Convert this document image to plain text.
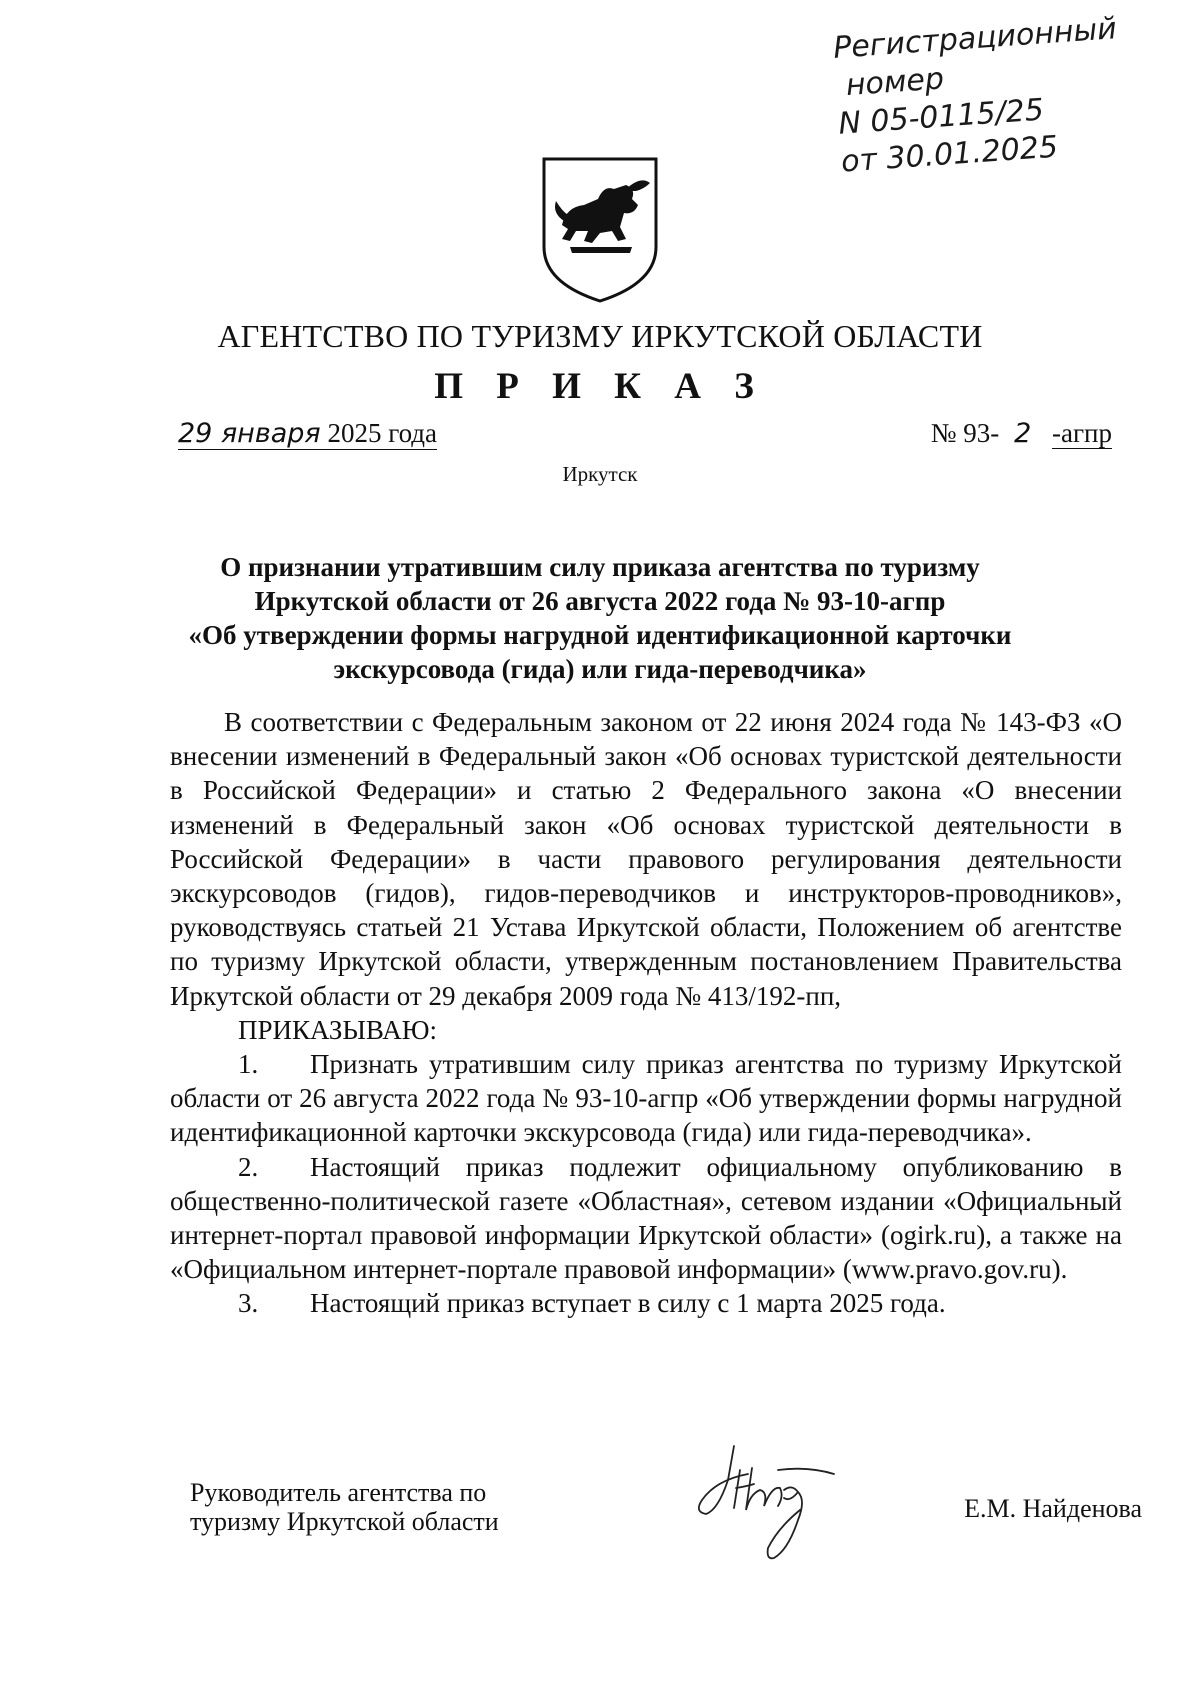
Регистрационный
номер
N 05-0115/25
от 30.01.2025
АГЕНТСТВО ПО ТУРИЗМУ ИРКУТСКОЙ ОБЛАСТИ
П Р И К А З
29 января 2025 года	№ 93- 2 -агпр
Иркутск
О признании утратившим силу приказа агентства по туризму
Иркутской области от 26 августа 2022 года № 93-10-агпр
«Об утверждении формы нагрудной идентификационной карточки
экскурсовода (гида) или гида-переводчика»

В соответствии с Федеральным законом от 22 июня 2024 года № 143-ФЗ «О внесении изменений в Федеральный закон «Об основах туристской деятельности в Российской Федерации» и статью 2 Федерального закона «О внесении изменений в Федеральный закон «Об основах туристской деятельности в Российской Федерации» в части правового регулирования деятельности экскурсоводов (гидов), гидов-переводчиков и инструкторов-проводников», руководствуясь статьей 21 Устава Иркутской области, Положением об агентстве по туризму Иркутской области, утвержденным постановлением Правительства Иркутской области от 29 декабря 2009 года № 413/192-пп,

ПРИКАЗЫВАЮ:

1. Признать утратившим силу приказ агентства по туризму Иркутской области от 26 августа 2022 года № 93-10-агпр «Об утверждении формы нагрудной идентификационной карточки экскурсовода (гида) или гида-переводчика».

2. Настоящий приказ подлежит официальному опубликованию в общественно-политической газете «Областная», сетевом издании «Официальный интернет-портал правовой информации Иркутской области» (ogirk.ru), а также на «Официальном интернет-портале правовой информации» (www.pravo.gov.ru).

3. Настоящий приказ вступает в силу с 1 марта 2025 года.

Руководитель агентства по
туризму Иркутской области	Е.М. Найденова
